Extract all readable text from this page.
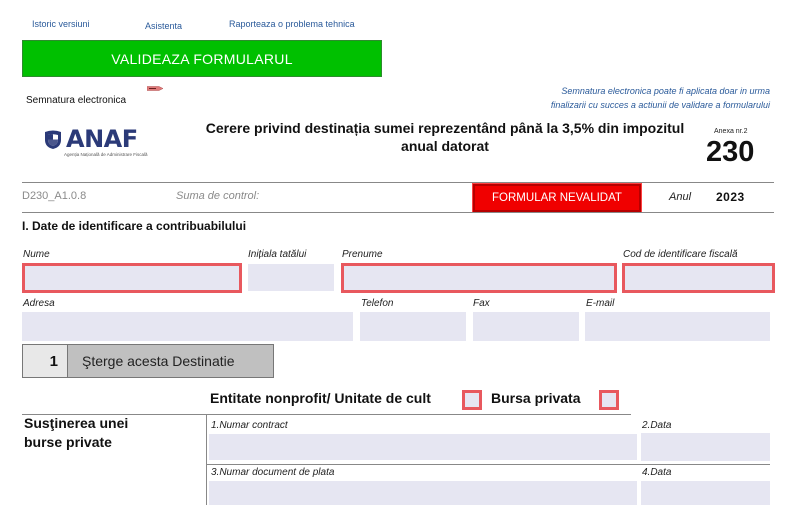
Istoric versiuni	Asistenta	Raporteaza o problema tehnica
VALIDEAZA FORMULARUL
Semnatura electronica
Semnatura electronica poate fi aplicata doar in urma
finalizarii cu succes a actiunii de validare a formularului
ANAF
Agenția Națională de Administrare Fiscală
Cerere privind destinația sumei reprezentând până la 3,5% din impozitul
anual datorat
Anexa nr.2
230
D230_A1.0.8	Suma de control:	FORMULAR NEVALIDAT	Anul 2023
I. Date de identificare a contribuabilului
Nume	Inițiala tatălui	Prenume	Cod de identificare fiscală
Adresa	Telefon	Fax	E-mail
1	Şterge acesta Destinatie
Entitate nonprofit/ Unitate de cult	Bursa privata
Susţinerea unei
burse private
1.Numar contract	2.Data
3.Numar document de plata	4.Data
